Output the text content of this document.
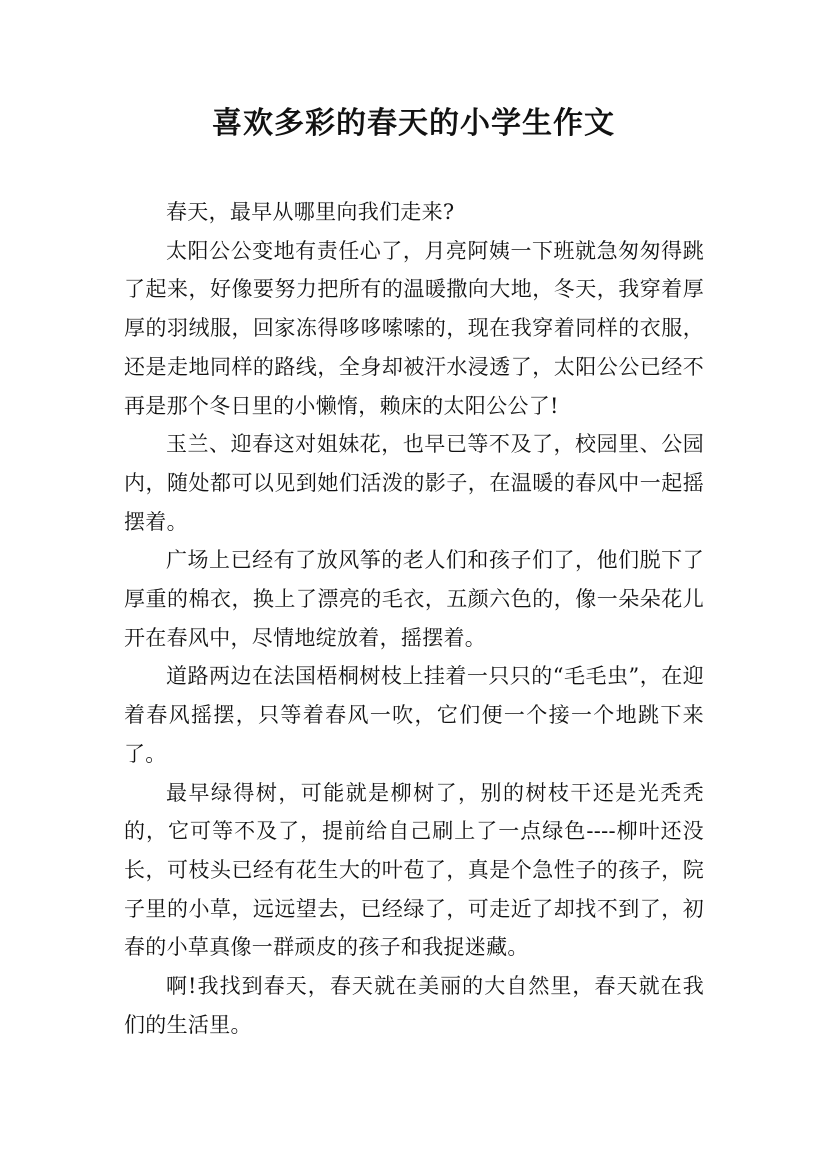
喜欢多彩的春天的小学生作文

春天，最早从哪里向我们走来?

太阳公公变地有责任心了，月亮阿姨一下班就急匆匆得跳了起来，好像要努力把所有的温暖撒向大地，冬天，我穿着厚厚的羽绒服，回家冻得哆哆嗦嗦的，现在我穿着同样的衣服，还是走地同样的路线，全身却被汗水浸透了，太阳公公已经不再是那个冬日里的小懒惰，赖床的太阳公公了!

玉兰、迎春这对姐妹花，也早已等不及了，校园里、公园内，随处都可以见到她们活泼的影子，在温暖的春风中一起摇摆着。

广场上已经有了放风筝的老人们和孩子们了，他们脱下了厚重的棉衣，换上了漂亮的毛衣，五颜六色的，像一朵朵花儿开在春风中，尽情地绽放着，摇摆着。

道路两边在法国梧桐树枝上挂着一只只的“毛毛虫”，在迎着春风摇摆，只等着春风一吹，它们便一个接一个地跳下来了。

最早绿得树，可能就是柳树了，别的树枝干还是光秃秃的，它可等不及了，提前给自己刷上了一点绿色----柳叶还没长，可枝头已经有花生大的叶苞了，真是个急性子的孩子，院子里的小草，远远望去，已经绿了，可走近了却找不到了，初春的小草真像一群顽皮的孩子和我捉迷藏。

啊!我找到春天，春天就在美丽的大自然里，春天就在我们的生活里。
